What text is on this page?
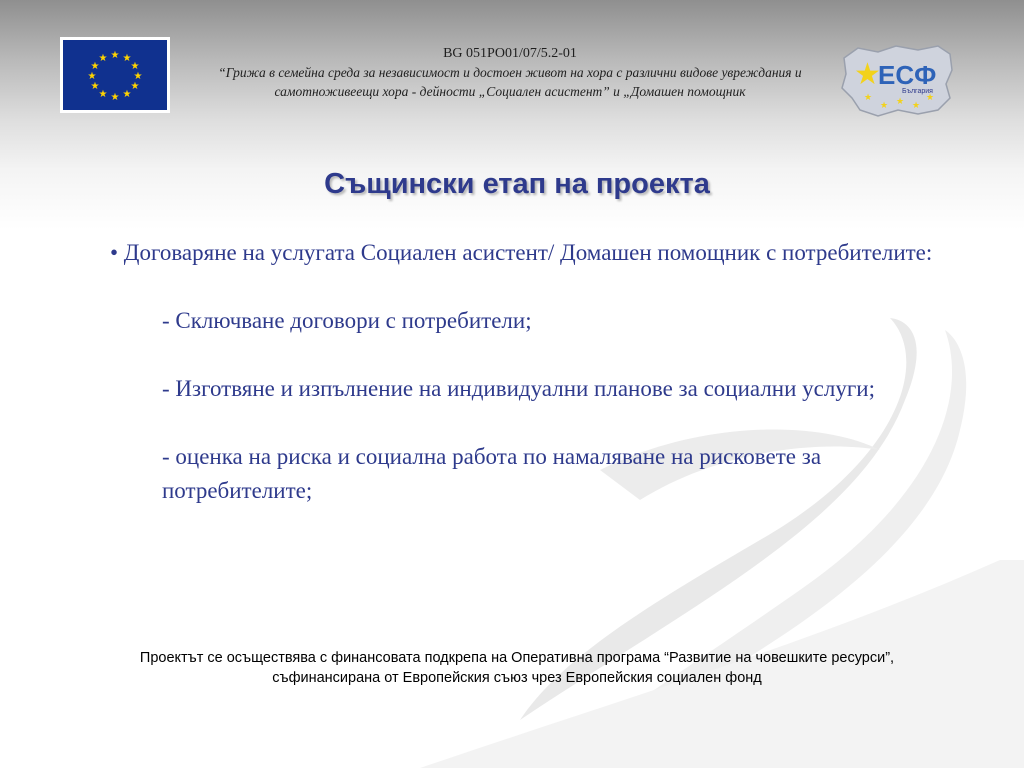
★ ★
★
★
★
★
★
★
★
★
★
★	BG 051PO01/07/5.2-01
“Грижа в семейна среда за независимост и достоен живот на хора с различни видове увреждания и
самотноживеещи хора - дейности „Социален асистент” и „Домашен помощник	★
ЕСФ
България
★
★ ★ ★
★
Същински етап на проекта

• Договаряне на услугата Социален асистент/ Домашен помощник с потребителите:

- Сключване договори с потребители;

- Изготвяне и изпълнение на индивидуални планове за социални услуги;

- оценка на риска и социална работа по намаляване на рисковете за потребителите;

Проектът се осъществява с финансовата подкрепа на Оперативна програма “Развитие на човешките ресурси”,
съфинансирана от Европейския съюз чрез Европейския социален фонд
